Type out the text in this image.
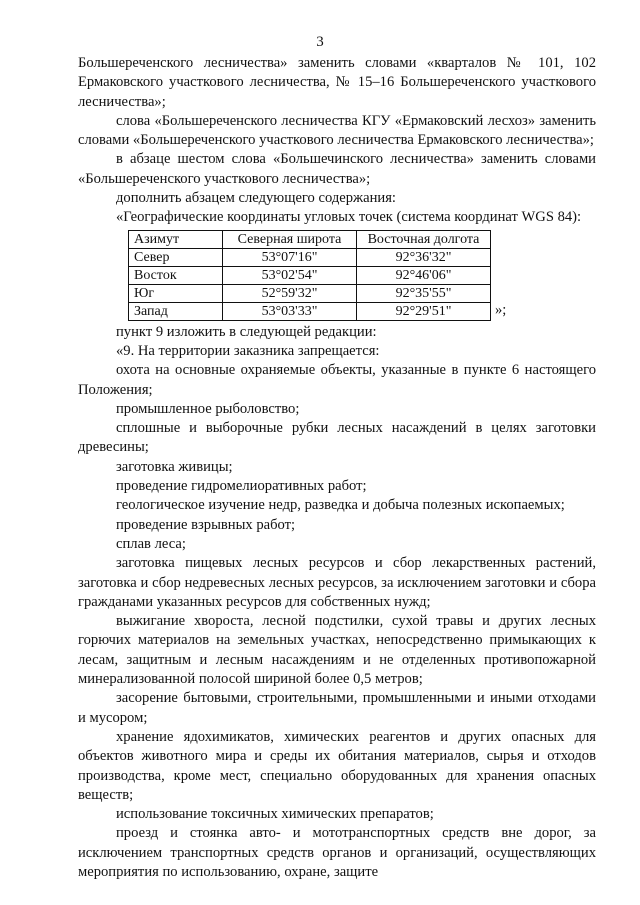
3

Большереченского лесничества» заменить словами «кварталов № 101, 102 Ермаковского участкового лесничества, № 15–16 Большереченского участкового лесничества»;

слова «Большереченского лесничества КГУ «Ермаковский лесхоз» заменить словами «Большереченского участкового лесничества Ермаковского лесничества»;

в абзаце шестом слова «Большечинского лесничества» заменить словами «Большереченского участкового лесничества»;

дополнить абзацем следующего содержания:

«Географические координаты угловых точек (система координат WGS 84):

Азимут	Северная широта	Восточная долгота
Север	53°07'16"	92°36'32"
Восток	53°02'54"	92°46'06"
Юг	52°59'32"	92°35'55"
Запад	53°03'33"	92°29'51"	»;

пункт 9 изложить в следующей редакции:

«9. На территории заказника запрещается:

охота на основные охраняемые объекты, указанные в пункте 6 настоящего Положения;

промышленное рыболовство;

сплошные и выборочные рубки лесных насаждений в целях заготовки древесины;

заготовка живицы;

проведение гидромелиоративных работ;

геологическое изучение недр, разведка и добыча полезных ископаемых;

проведение взрывных работ;

сплав леса;

заготовка пищевых лесных ресурсов и сбор лекарственных растений, заготовка и сбор недревесных лесных ресурсов, за исключением заготовки и сбора гражданами указанных ресурсов для собственных нужд;

выжигание хвороста, лесной подстилки, сухой травы и других лесных горючих материалов на земельных участках, непосредственно примыкающих к лесам, защитным и лесным насаждениям и не отделенных противопожарной минерализованной полосой шириной более 0,5 метров;

засорение бытовыми, строительными, промышленными и иными отходами и мусором;

хранение ядохимикатов, химических реагентов и других опасных для объектов животного мира и среды их обитания материалов, сырья и отходов производства, кроме мест, специально оборудованных для хранения опасных веществ;

использование токсичных химических препаратов;

проезд и стоянка авто- и мототранспортных средств вне дорог, за исключением транспортных средств органов и организаций, осуществляющих мероприятия по использованию, охране, защите
